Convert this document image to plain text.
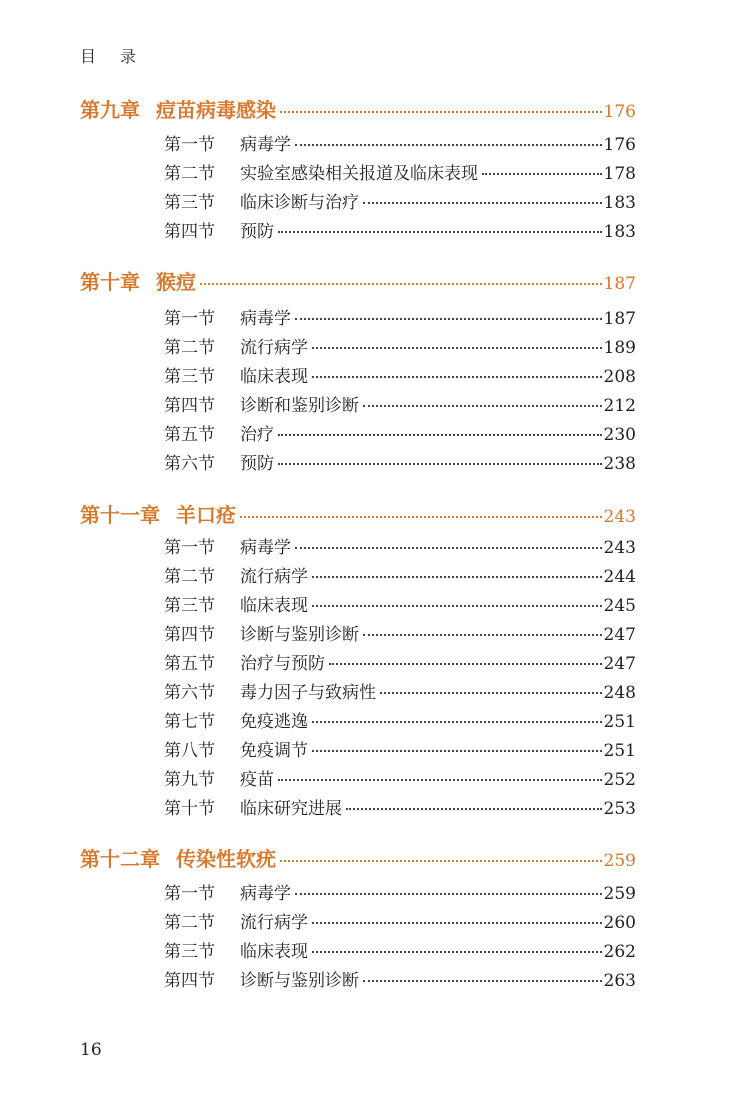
目 录
第九章 痘苗病毒感染	176
第一节	病毒学	176
第二节	实验室感染相关报道及临床表现	178
第三节	临床诊断与治疗	183
第四节	预防	183
第十章 猴痘	187
第一节	病毒学	187
第二节	流行病学	189
第三节	临床表现	208
第四节	诊断和鉴别诊断	212
第五节	治疗	230
第六节	预防	238
第十一章 羊口疮	243
第一节	病毒学	243
第二节	流行病学	244
第三节	临床表现	245
第四节	诊断与鉴别诊断	247
第五节	治疗与预防	247
第六节	毒力因子与致病性	248
第七节	免疫逃逸	251
第八节	免疫调节	251
第九节	疫苗	252
第十节	临床研究进展	253
第十二章 传染性软疣	259
第一节	病毒学	259
第二节	流行病学	260
第三节	临床表现	262
第四节	诊断与鉴别诊断	263
16
